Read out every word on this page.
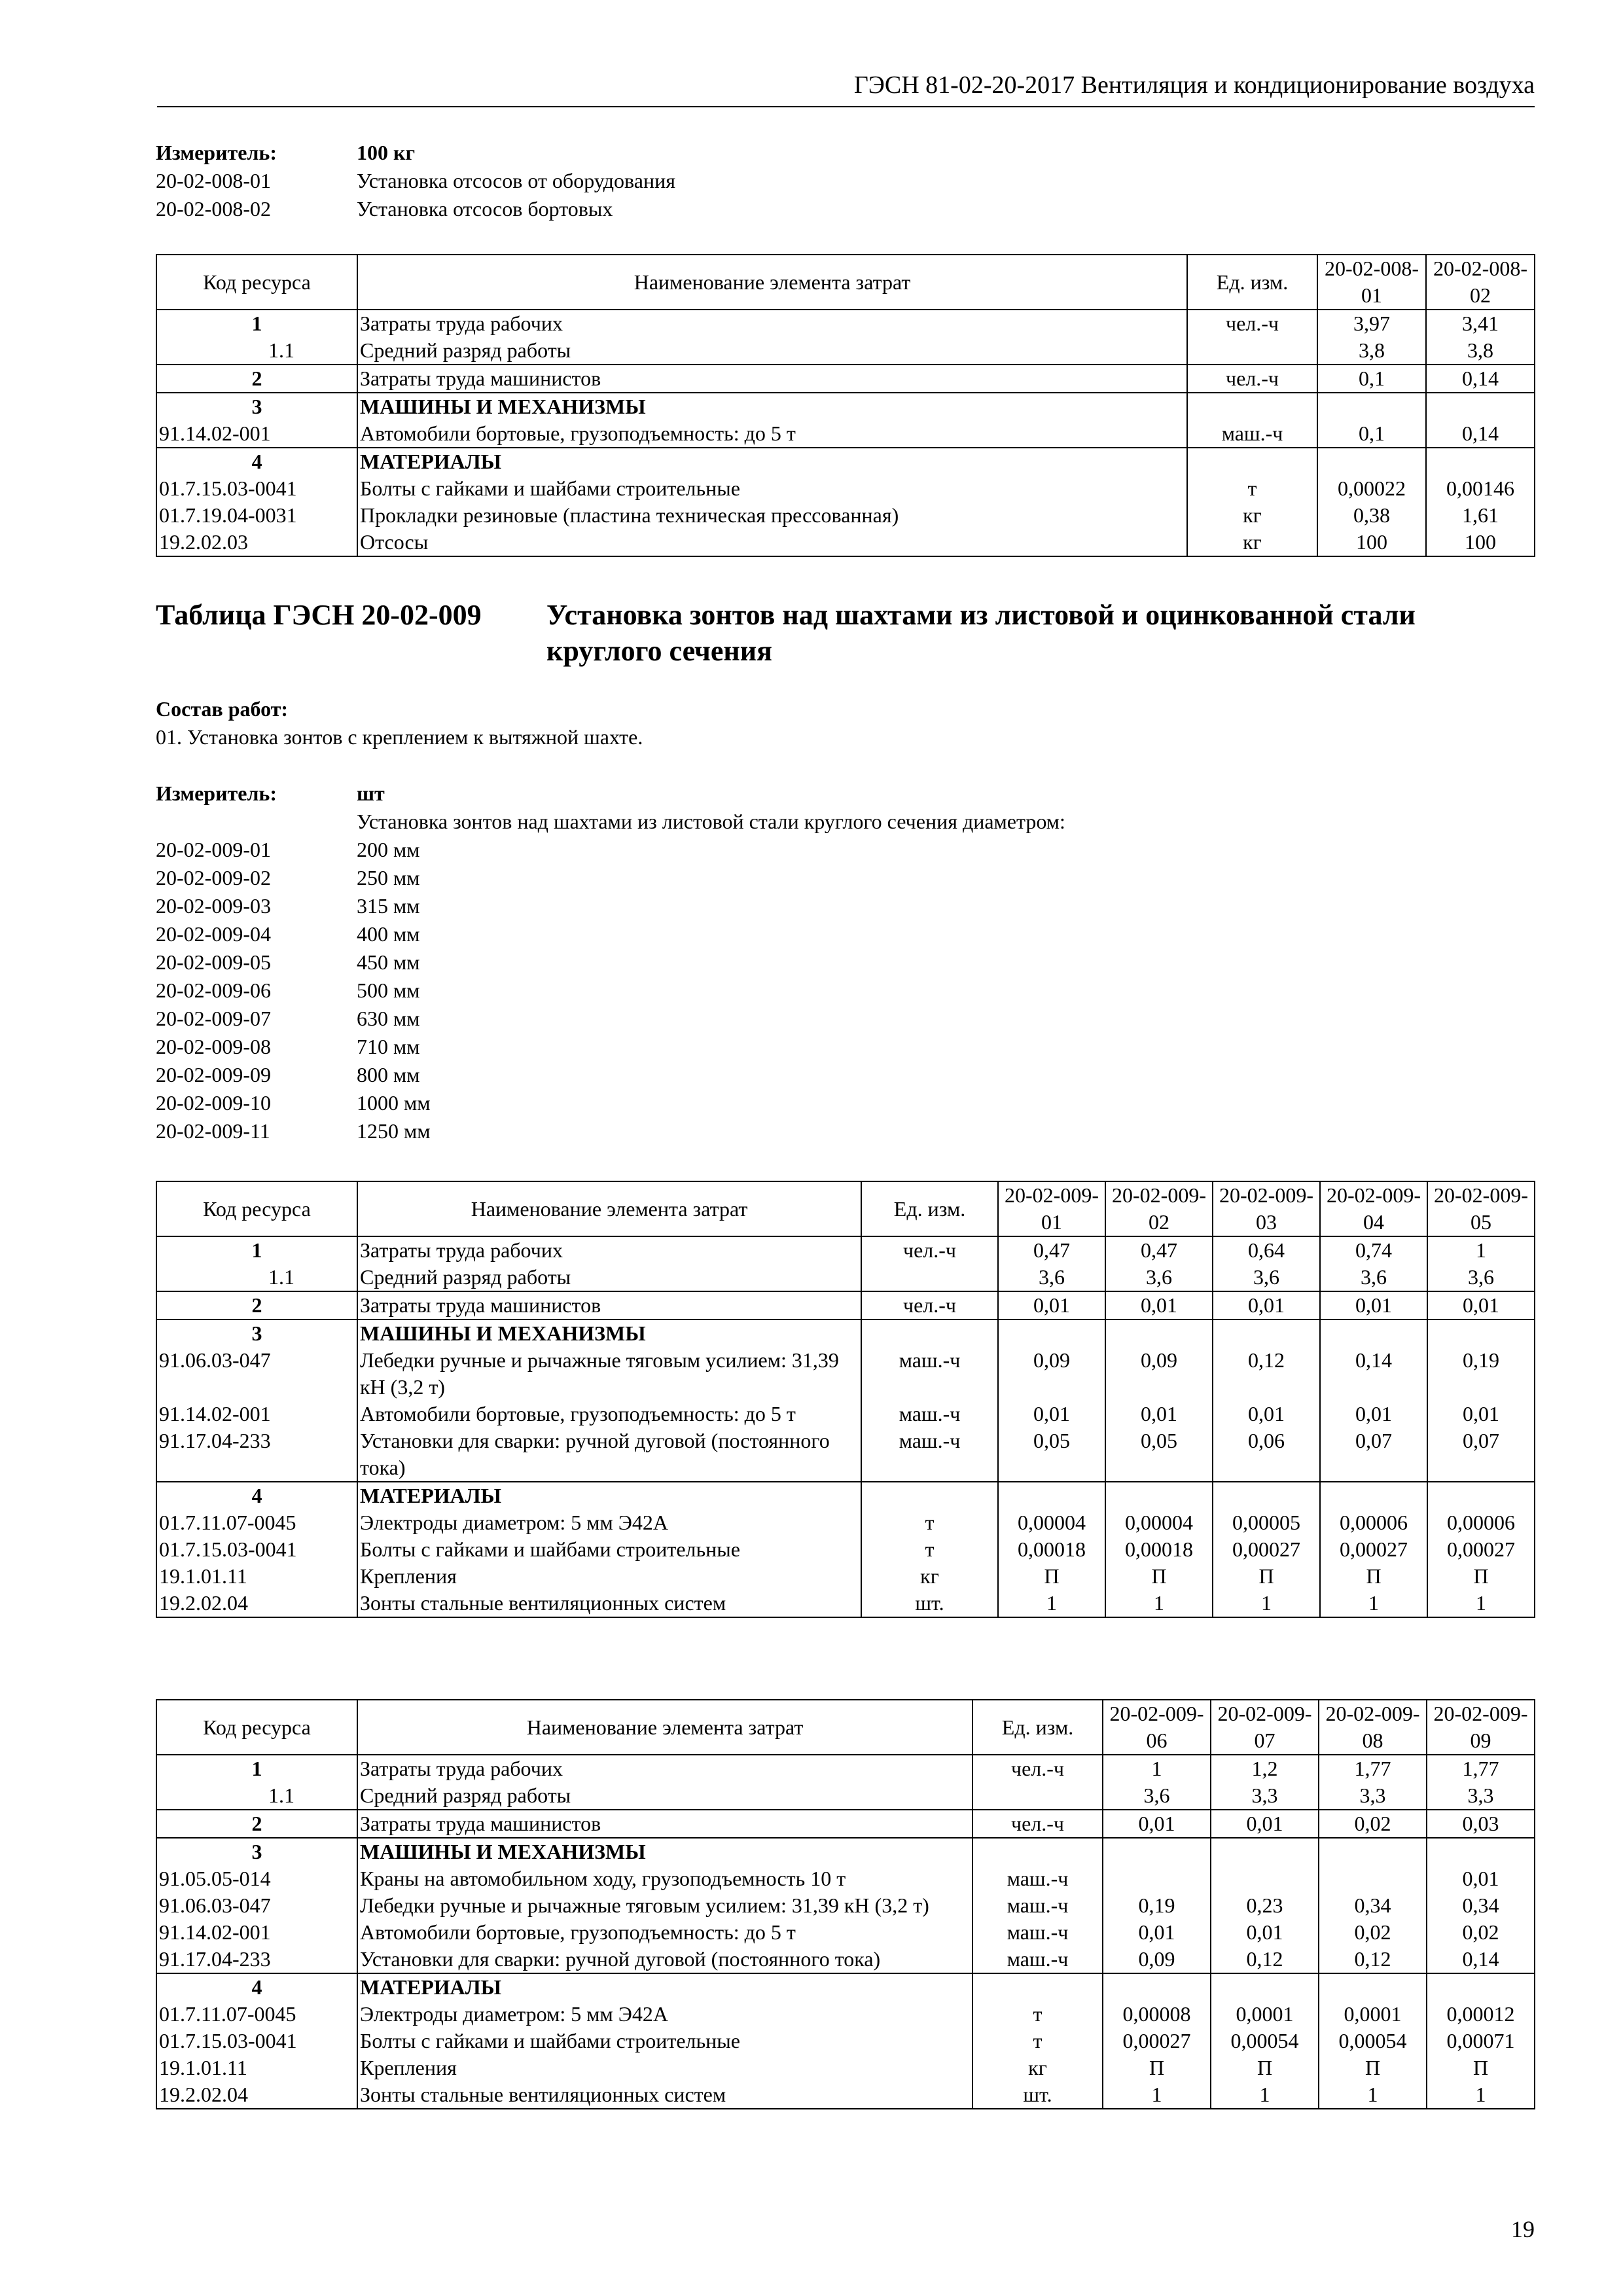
ГЭСН 81-02-20-2017 Вентиляция и кондиционирование воздуха
Измеритель:	100 кг
20-02-008-01	Установка отсосов от оборудования
20-02-008-02	Установка отсосов бортовых
Код ресурса	Наименование элемента затрат	Ед. изм.	20-02-008-01	20-02-008-02
1	Затраты труда рабочих	чел.-ч	3,97	3,41
1.1	Средний разряд работы		3,8	3,8
2	Затраты труда машинистов	чел.-ч	0,1	0,14
3	МАШИНЫ И МЕХАНИЗМЫ			
91.14.02-001	Автомобили бортовые, грузоподъемность: до 5 т	маш.-ч	0,1	0,14
4	МАТЕРИАЛЫ			
01.7.15.03-0041	Болты с гайками и шайбами строительные	т	0,00022	0,00146
01.7.19.04-0031	Прокладки резиновые (пластина техническая прессованная)	кг	0,38	1,61
19.2.02.03	Отсосы	кг	100	100
Таблица ГЭСН 20-02-009 Установка зонтов над шахтами из листовой и оцинкованной стали круглого сечения
Состав работ:
01. Установка зонтов с креплением к вытяжной шахте.
Измеритель:	шт
Установка зонтов над шахтами из листовой стали круглого сечения диаметром:
20-02-009-01	200 мм
20-02-009-02	250 мм
20-02-009-03	315 мм
20-02-009-04	400 мм
20-02-009-05	450 мм
20-02-009-06	500 мм
20-02-009-07	630 мм
20-02-009-08	710 мм
20-02-009-09	800 мм
20-02-009-10	1000 мм
20-02-009-11	1250 мм
Код ресурса	Наименование элемента затрат	Ед. изм.	20-02-009-01	20-02-009-02	20-02-009-03	20-02-009-04	20-02-009-05
1	Затраты труда рабочих	чел.-ч	0,47	0,47	0,64	0,74	1
1.1	Средний разряд работы		3,6	3,6	3,6	3,6	3,6
2	Затраты труда машинистов	чел.-ч	0,01	0,01	0,01	0,01	0,01
3	МАШИНЫ И МЕХАНИЗМЫ						
91.06.03-047	Лебедки ручные и рычажные тяговым усилием: 31,39 кН (3,2 т)	маш.-ч	0,09	0,09	0,12	0,14	0,19
91.14.02-001	Автомобили бортовые, грузоподъемность: до 5 т	маш.-ч	0,01	0,01	0,01	0,01	0,01
91.17.04-233	Установки для сварки: ручной дуговой (постоянного тока)	маш.-ч	0,05	0,05	0,06	0,07	0,07
4	МАТЕРИАЛЫ						
01.7.11.07-0045	Электроды диаметром: 5 мм Э42А	т	0,00004	0,00004	0,00005	0,00006	0,00006
01.7.15.03-0041	Болты с гайками и шайбами строительные	т	0,00018	0,00018	0,00027	0,00027	0,00027
19.1.01.11	Крепления	кг	П	П	П	П	П
19.2.02.04	Зонты стальные вентиляционных систем	шт.	1	1	1	1	1
Код ресурса	Наименование элемента затрат	Ед. изм.	20-02-009-06	20-02-009-07	20-02-009-08	20-02-009-09
1	Затраты труда рабочих	чел.-ч	1	1,2	1,77	1,77
1.1	Средний разряд работы		3,6	3,3	3,3	3,3
2	Затраты труда машинистов	чел.-ч	0,01	0,01	0,02	0,03
3	МАШИНЫ И МЕХАНИЗМЫ					
91.05.05-014	Краны на автомобильном ходу, грузоподъемность 10 т	маш.-ч				0,01
91.06.03-047	Лебедки ручные и рычажные тяговым усилием: 31,39 кН (3,2 т)	маш.-ч	0,19	0,23	0,34	0,34
91.14.02-001	Автомобили бортовые, грузоподъемность: до 5 т	маш.-ч	0,01	0,01	0,02	0,02
91.17.04-233	Установки для сварки: ручной дуговой (постоянного тока)	маш.-ч	0,09	0,12	0,12	0,14
4	МАТЕРИАЛЫ					
01.7.11.07-0045	Электроды диаметром: 5 мм Э42А	т	0,00008	0,0001	0,0001	0,00012
01.7.15.03-0041	Болты с гайками и шайбами строительные	т	0,00027	0,00054	0,00054	0,00071
19.1.01.11	Крепления	кг	П	П	П	П
19.2.02.04	Зонты стальные вентиляционных систем	шт.	1	1	1	1
19
